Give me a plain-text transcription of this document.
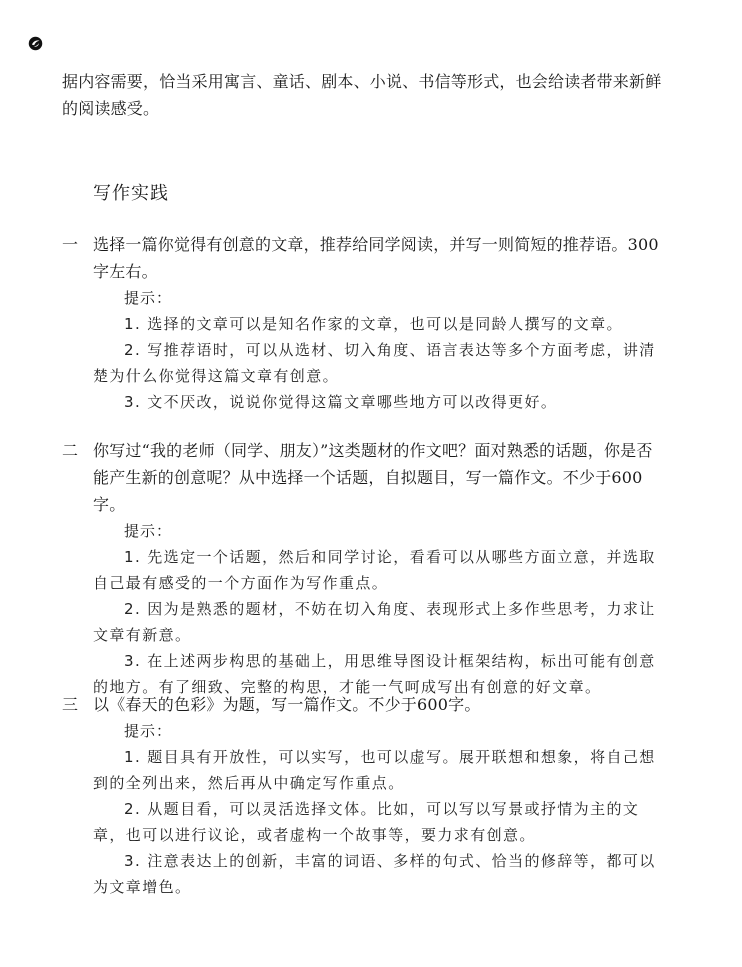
据内容需要，恰当采用寓言、童话、剧本、小说、书信等形式，也会给读者带来新鲜的阅读感受。

写作实践
一 选择一篇你觉得有创意的文章，推荐给同学阅读，并写一则简短的推荐语。300字左右。

提示：

1. 选择的文章可以是知名作家的文章，也可以是同龄人撰写的文章。

2. 写推荐语时，可以从选材、切入角度、语言表达等多个方面考虑，讲清楚为什么你觉得这篇文章有创意。

3. 文不厌改，说说你觉得这篇文章哪些地方可以改得更好。

二 你写过“我的老师（同学、朋友）”这类题材的作文吧？面对熟悉的话题，你是否能产生新的创意呢？从中选择一个话题，自拟题目，写一篇作文。不少于600字。

提示：

1. 先选定一个话题，然后和同学讨论，看看可以从哪些方面立意，并选取自己最有感受的一个方面作为写作重点。

2. 因为是熟悉的题材，不妨在切入角度、表现形式上多作些思考，力求让文章有新意。

3. 在上述两步构思的基础上，用思维导图设计框架结构，标出可能有创意的地方。有了细致、完整的构思，才能一气呵成写出有创意的好文章。

三 以《春天的色彩》为题，写一篇作文。不少于600字。

提示：

1. 题目具有开放性，可以实写，也可以虚写。展开联想和想象，将自己想到的全列出来，然后再从中确定写作重点。

2. 从题目看，可以灵活选择文体。比如，可以写以写景或抒情为主的文章，也可以进行议论，或者虚构一个故事等，要力求有创意。

3. 注意表达上的创新，丰富的词语、多样的句式、恰当的修辞等，都可以为文章增色。
